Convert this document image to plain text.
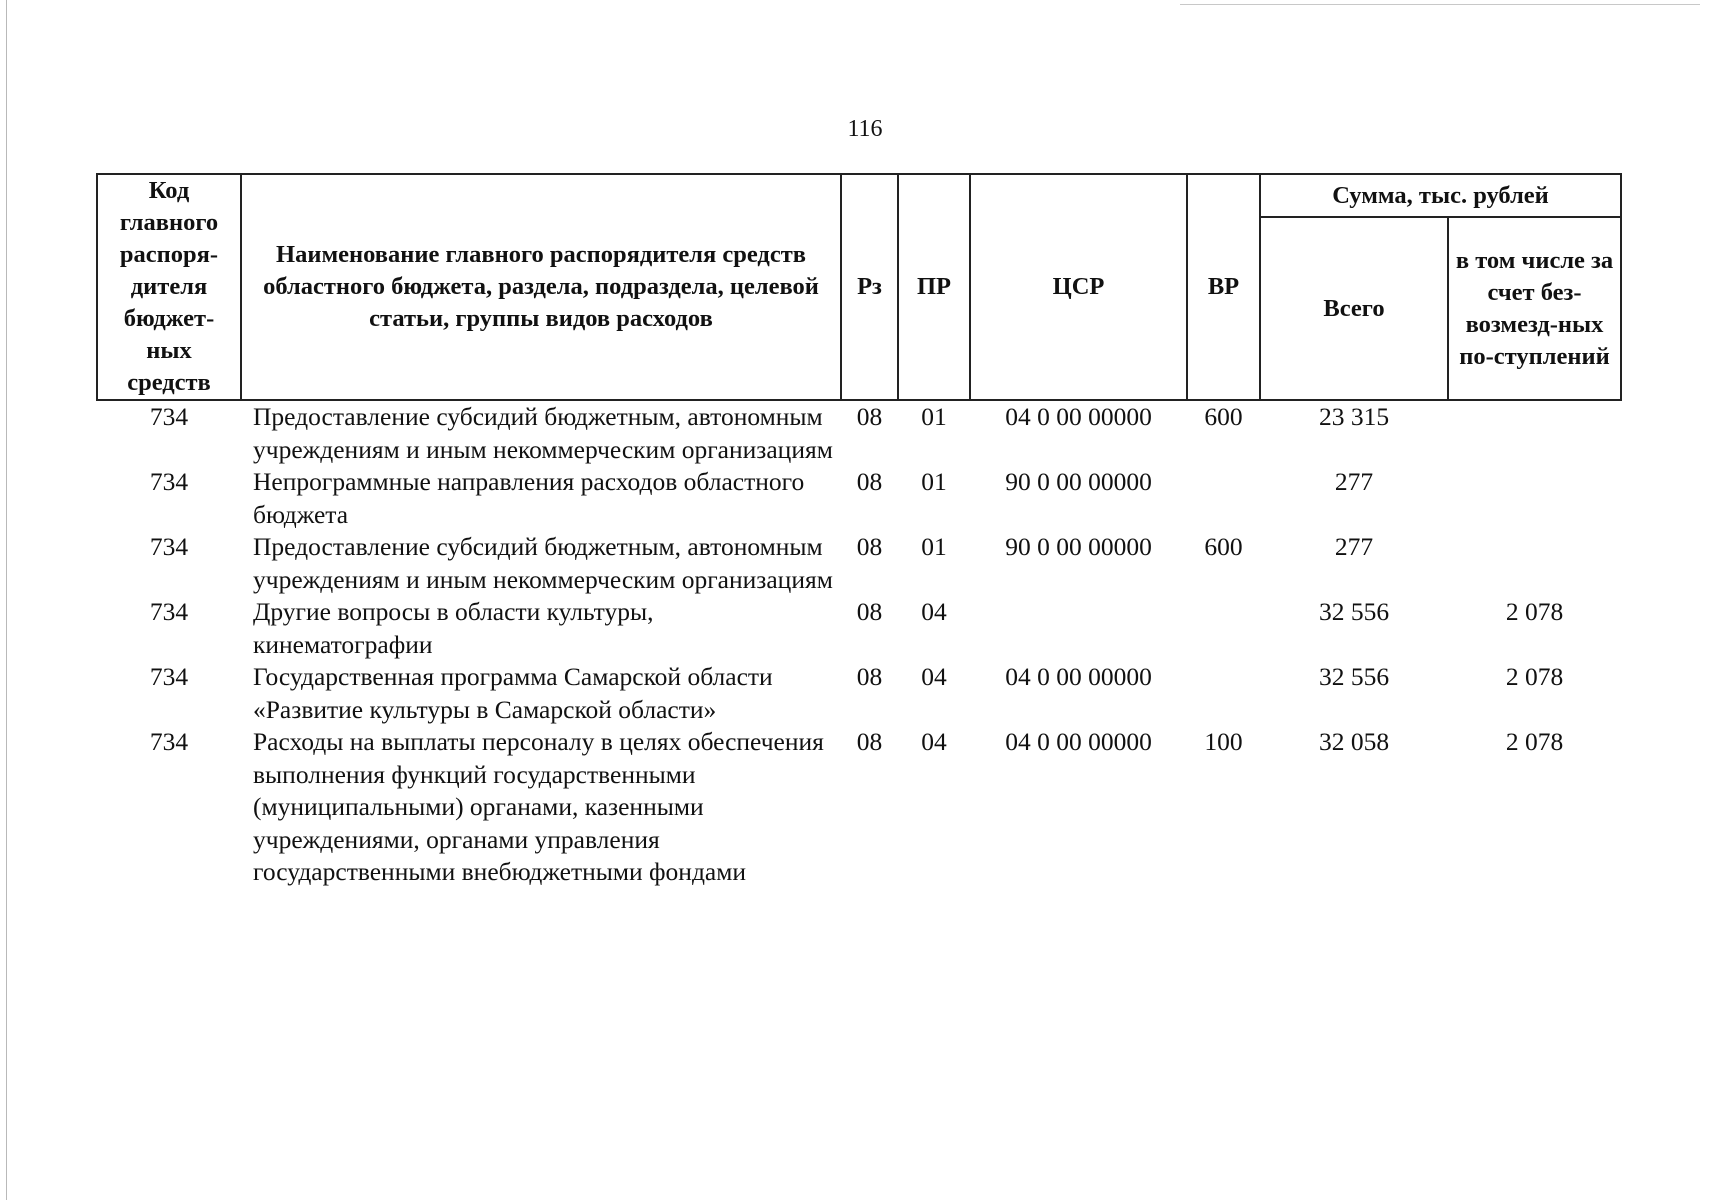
116
Код главного распоря-дителя бюджет-ных средств	Наименование главного распорядителя средств областного бюджета, раздела, подраздела, целевой статьи, группы видов расходов	Рз	ПР	ЦСР	ВР	Сумма, тыс. рублей	
						Всего	в том числе за счет без-возмезд-ных по-ступлений
734	Предоставление субсидий бюджетным, автономным учреждениям и иным некоммерческим организациям	08	01	04 0 00 00000	600	23 315	
734	Непрограммные направления расходов областного бюджета	08	01	90 0 00 00000		277	
734	Предоставление субсидий бюджетным, автономным учреждениям и иным некоммерческим организациям	08	01	90 0 00 00000	600	277	
734	Другие вопросы в области культуры, кинематографии	08	04			32 556	2 078
734	Государственная программа Самарской области «Развитие культуры в Самарской области»	08	04	04 0 00 00000		32 556	2 078
734	Расходы на выплаты персоналу в целях обеспечения выполнения функций государственными (муниципальными) органами, казенными учреждениями, органами управления государственными внебюджетными фондами	08	04	04 0 00 00000	100	32 058	2 078
